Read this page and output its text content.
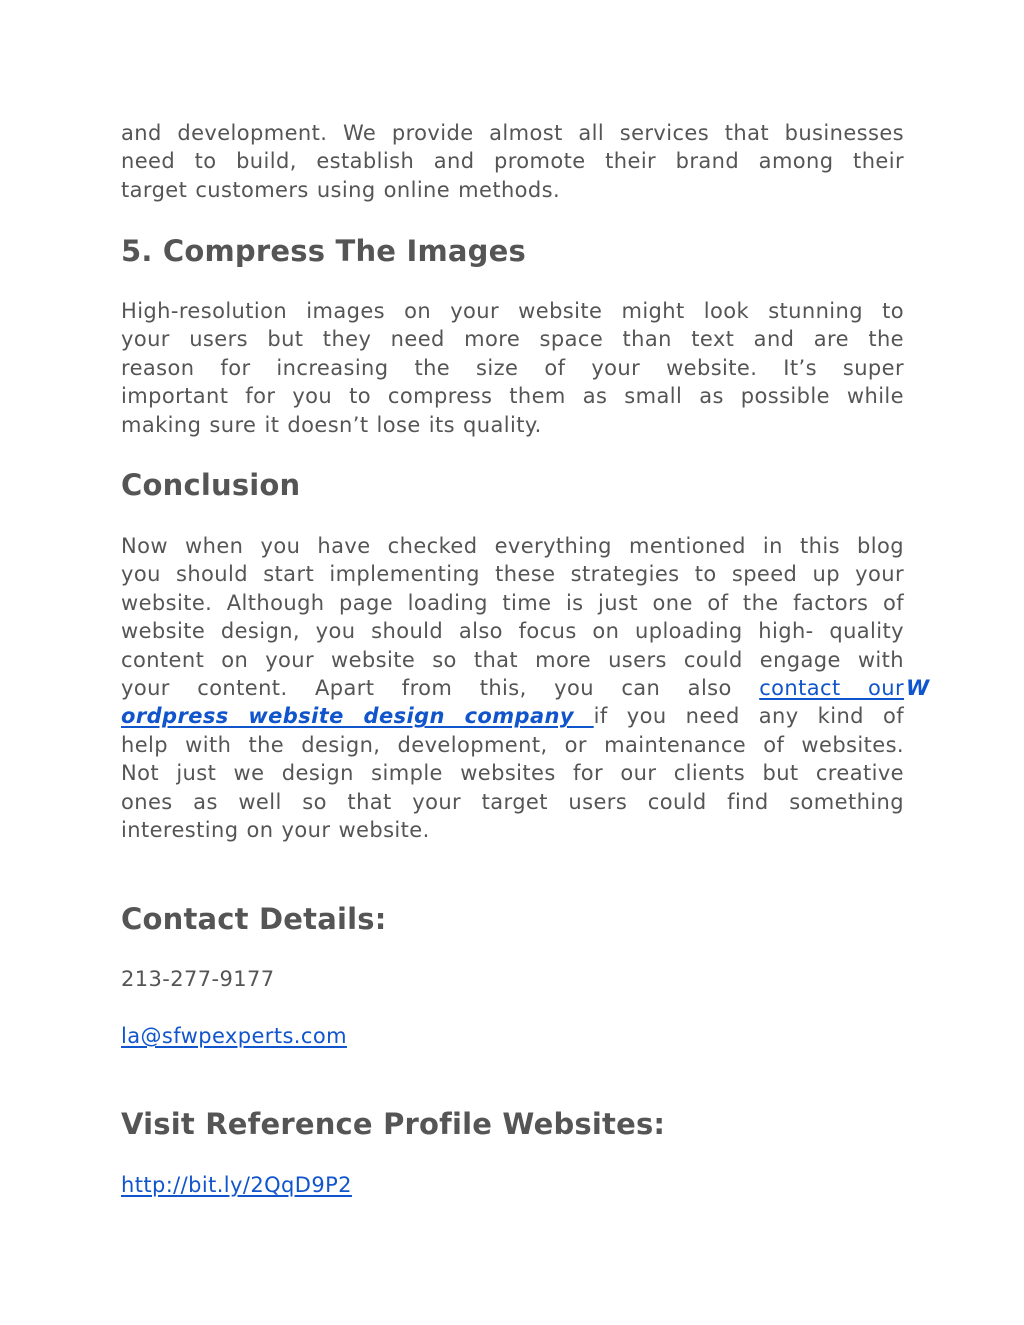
and development. We provide almost all services that businesses
need to build, establish and promote their brand among their
target customers using online methods.

5. Compress The Images

High-resolution images on your website might look stunning to
your users but they need more space than text and are the
reason for increasing the size of your website. It’s super
important for you to compress them as small as possible while
making sure it doesn’t lose its quality.

Conclusion

Now when you have checked everything mentioned in this blog
you should start implementing these strategies to speed up your
website. Although page loading time is just one of the factors of
website design, you should also focus on uploading high- quality
content on your website so that more users could engage with
your content. Apart from this, you can also contact our
ordpress website design company if you need any kind of
help with the design, development, or maintenance of websites.
Not just we design simple websites for our clients but creative
ones as well so that your target users could find something
interesting on your website.

W
Contact Details:

213-277-9177

la@sfwpexperts.com

Visit Reference Profile Websites:

http://bit.ly/2QqD9P2
